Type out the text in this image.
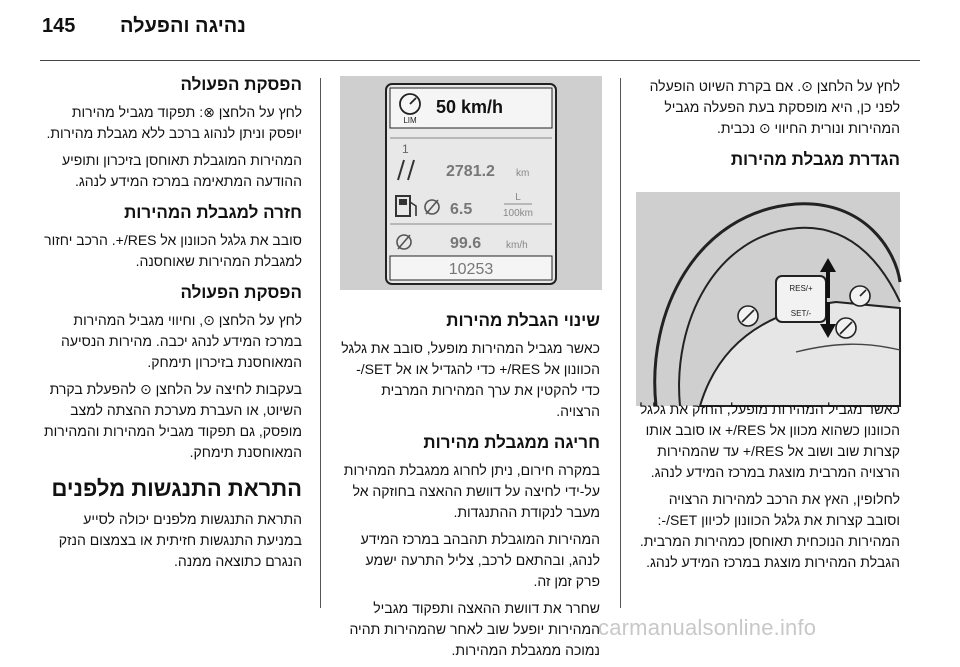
145 נהיגה והפעלה
LIM
50 km/h
1
2781.2 km
6.5
L
100km
99.6 km/h
10253
RES/+
SET/-

לחץ על הלחצן ⊙. אם בקרת השיוט הופעלה לפני כן, היא מופסקת בעת הפעלה מגביל המהירות ונורית החיווי ⊙ נכבית.

הגדרת מגבלת מהירות

כאשר מגביל המהירות מופעל, החזק את גלגל הכוונון כשהוא מכוון אל RES/+ או סובב אותו קצרות שוב ושוב אל RES/+ עד שהמהירות הרצויה המרבית מוצגת במרכז המידע לנהג.

לחלופין, האץ את הרכב למהירות הרצויה וסובב קצרות את גלגל הכוונון לכיוון SET/-: המהירות הנוכחית תאוחסן כמהירות המרבית. הגבלת המהירות מוצגת במרכז המידע לנהג.

שינוי הגבלת מהירות

כאשר מגביל המהירות מופעל, סובב את גלגל הכוונון אל RES/+ כדי להגדיל או אל SET/- כדי להקטין את ערך המהירות המרבית הרצויה.

חריגה ממגבלת מהירות

במקרה חירום, ניתן לחרוג ממגבלת המהירות על-ידי לחיצה על דוושת ההאצה בחוזקה אל מעבר לנקודת ההתנגדות.

המהירות המוגבלת תהבהב במרכז המידע לנהג, ובהתאם לרכב, צליל התרעה ישמע פרק זמן זה.

שחרר את דוושת ההאצה ותפקוד מגביל המהירות יופעל שוב לאחר שהמהירות תהיה נמוכה ממגבלת המהירות.

הפסקת הפעולה

לחץ על הלחצן ⊗: תפקוד מגביל מהירות יופסק וניתן לנהוג ברכב ללא מגבלת מהירות.

המהירות המוגבלת תאוחסן בזיכרון ותופיע ההודעה המתאימה במרכז המידע לנהג.

חזרה למגבלת המהירות

סובב את גלגל הכוונון אל RES/+. הרכב יחזור למגבלת המהירות שאוחסנה.

הפסקת הפעולה

לחץ על הלחצן ⊙, וחיווי מגביל המהירות במרכז המידע לנהג יכבה. מהירות הנסיעה המאוחסנת בזיכרון תימחק.

בעקבות לחיצה על הלחצן ⊙ להפעלת בקרת השיוט, או העברת מערכת ההצתה למצב מופסק, גם תפקוד מגביל המהירות והמהירות המאוחסנת תימחק.

התראת התנגשות מלפנים

התראת התנגשות מלפנים יכולה לסייע במניעת התנגשות חזיתית או בצמצום הנזק הנגרם כתוצאה ממנה.

carmanualsonline.info
